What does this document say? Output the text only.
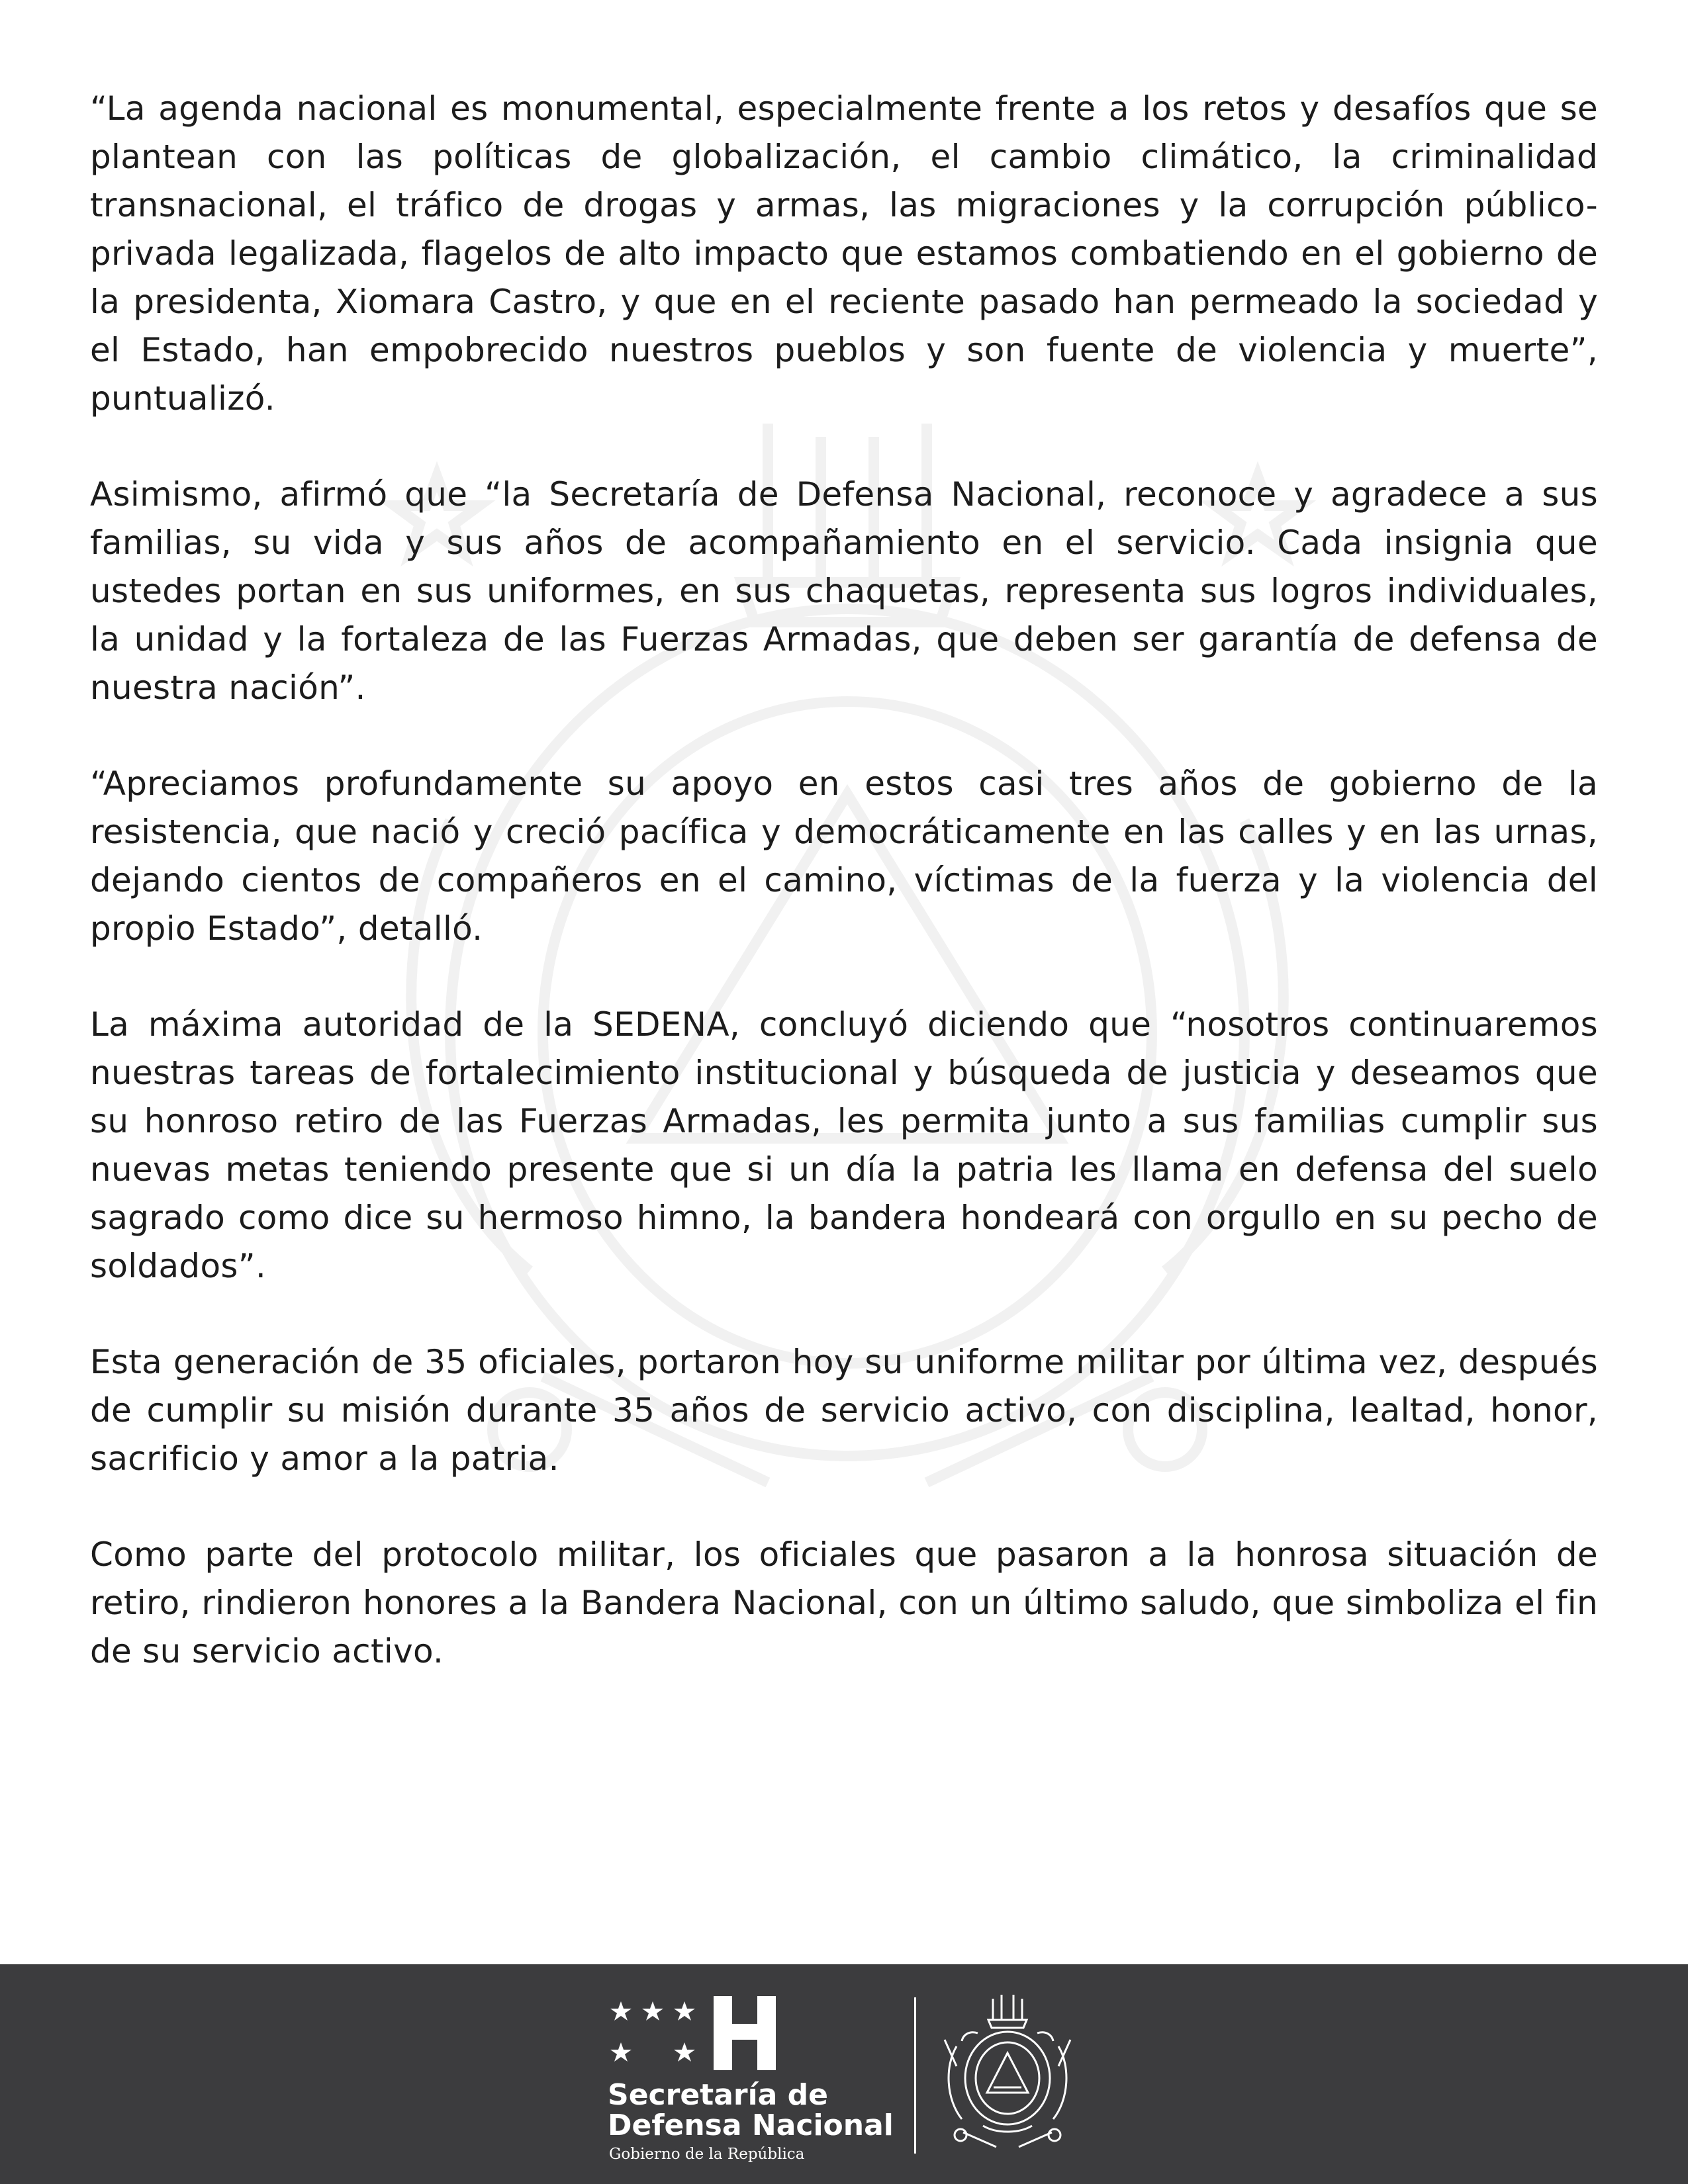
“La agenda nacional es monumental, especialmente frente a los retos y desafíos que se plantean con las políticas de globalización, el cambio climático, la criminalidad transnacional, el tráfico de drogas y armas, las migraciones y la corrupción público-privada legalizada, flagelos de alto impacto que estamos combatiendo en el gobierno de la presidenta, Xiomara Castro, y que en el reciente pasado han permeado la sociedad y el Estado, han empobrecido nuestros pueblos y son fuente de violencia y muerte”, puntualizó.

Asimismo, afirmó que “la Secretaría de Defensa Nacional, reconoce y agradece a sus familias, su vida y sus años de acompañamiento en el servicio. Cada insignia que ustedes portan en sus uniformes, en sus chaquetas, representa sus logros individuales, la unidad y la fortaleza de las Fuerzas Armadas, que deben ser garantía de defensa de nuestra nación”.

“Apreciamos profundamente su apoyo en estos casi tres años de gobierno de la resistencia, que nació y creció pacífica y democráticamente en las calles y en las urnas, dejando cientos de compañeros en el camino, víctimas de la fuerza y la violencia del propio Estado”, detalló.

La máxima autoridad de la SEDENA, concluyó diciendo que “nosotros continuaremos nuestras tareas de fortalecimiento institucional y búsqueda de justicia y deseamos que su honroso retiro de las Fuerzas Armadas, les permita junto a sus familias cumplir sus nuevas metas teniendo presente que si un día la patria les llama en defensa del suelo sagrado como dice su hermoso himno, la bandera hondeará con orgullo en su pecho de soldados”.

Esta generación de 35 oficiales, portaron hoy su uniforme militar por última vez, después de cumplir su misión durante 35 años de servicio activo, con disciplina, lealtad, honor, sacrificio y amor a la patria.

Como parte del protocolo militar, los oficiales que pasaron a la honrosa situación de retiro, rindieron honores a la Bandera Nacional, con un último saludo, que simboliza el fin de su servicio activo.

Secretaría de
Defensa Nacional
Gobierno de la República
